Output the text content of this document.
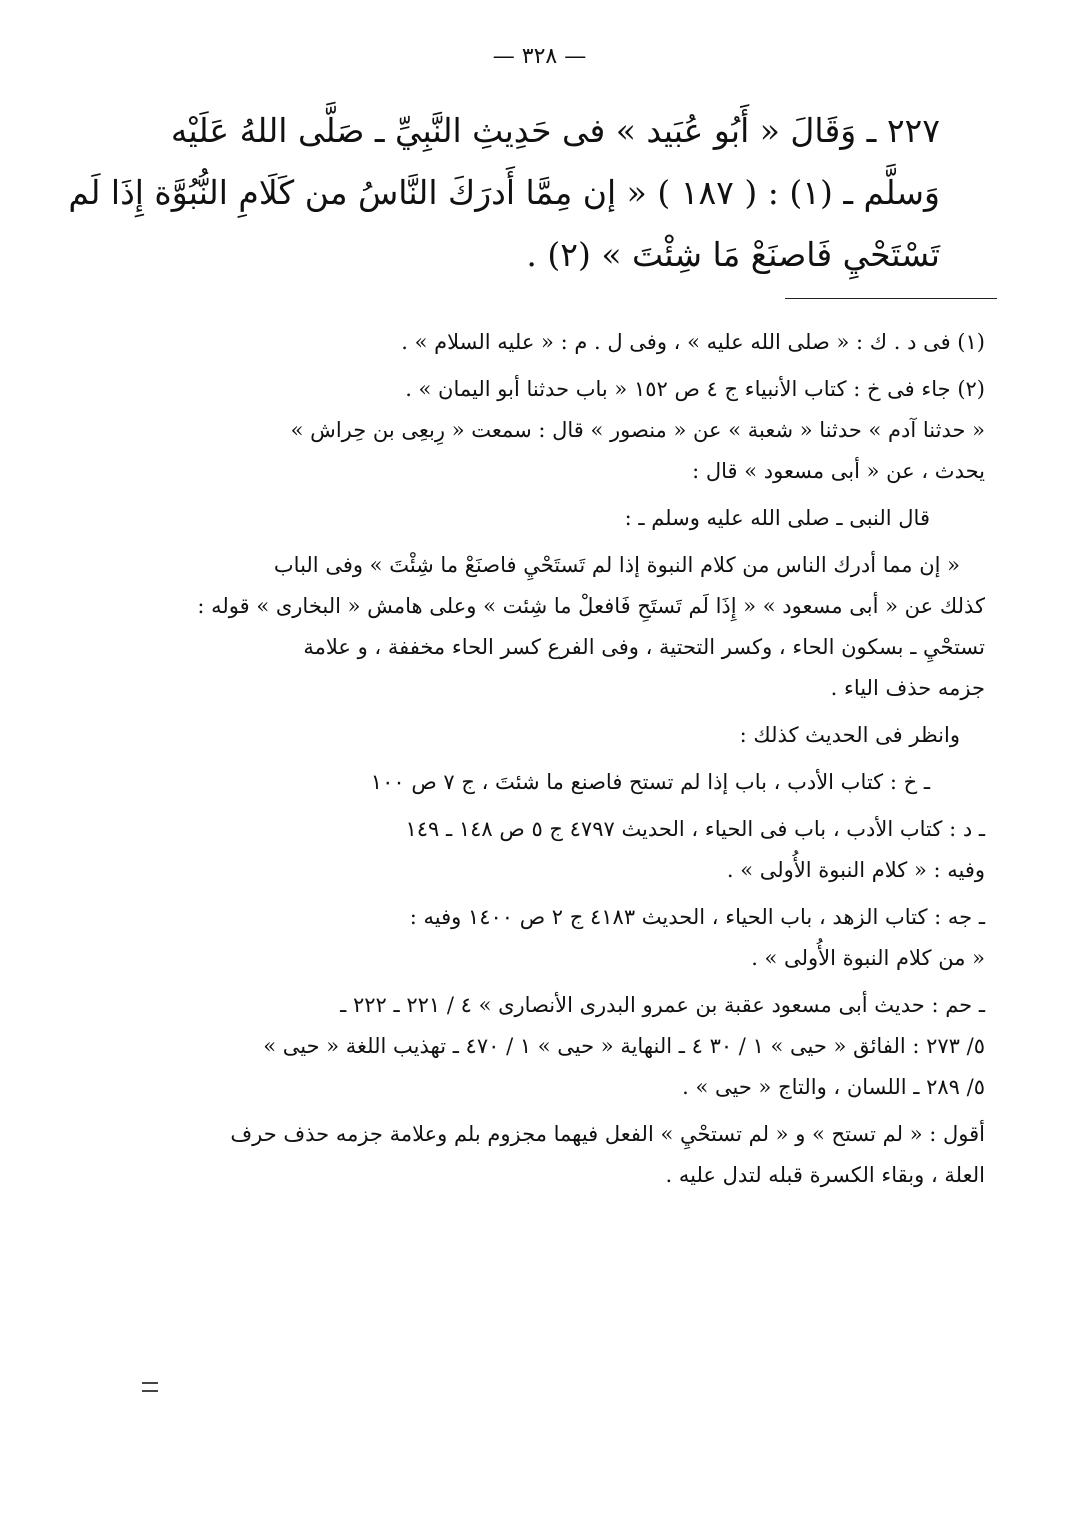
— ٣٢٨ —
٢٢٧ ـ وَقَالَ « أَبُو عُبَيد » فى حَدِيثِ النَّبِيِّ ـ صَلَّى اللهُ عَلَيْه
وَسلَّم ـ (١) : ( ١٨٧ ) « إن مِمَّا أَدرَكَ النَّاسُ من كَلَامِ النُّبُوَّة إِذَا لَم
تَسْتَحْيِ فَاصنَعْ مَا شِئْتَ » (٢) .
(١) فى د . ك : « صلى الله عليه » ، وفى ل . م : « عليه السلام » .
(٢) جاء فى خ : كتاب الأنبياء ج ٤ ص ١٥٢ « باب حدثنا أبو اليمان » .
« حدثنا آدم » حدثنا « شعبة » عن « منصور » قال : سمعت « رِبعِى بن حِراش »
يحدث ، عن « أبى مسعود » قال :
قال النبى ـ صلى الله عليه وسلم ـ :
« إن مما أدرك الناس من كلام النبوة إذا لم تَستَحْيِ فاصنَعْ ما شِئْتَ » وفى الباب
كذلك عن « أبى مسعود » « إِذَا لَم تَستَحِ فَافعلْ ما شِئت » وعلى هامش « البخارى » قوله :
تستحْيِ ـ بسكون الحاء ، وكسر التحتية ، وفى الفرع كسر الحاء مخففة ، و علامة
جزمه حذف الياء .
وانظر فى الحديث كذلك :
ـ خ : كتاب الأدب ، باب إذا لم تستح فاصنع ما شئتَ ، ج ٧ ص ١٠٠
ـ د : كتاب الأدب ، باب فى الحياء ، الحديث ٤٧٩٧ ج ٥ ص ١٤٨ ـ ١٤٩
وفيه : « كلام النبوة الأُولى » .
ـ جه : كتاب الزهد ، باب الحياء ، الحديث ٤١٨٣ ج ٢ ص ١٤٠٠ وفيه :
« من كلام النبوة الأُولى » .
ـ حم : حديث أبى مسعود عقبة بن عمرو البدرى الأنصارى » ٤ / ٢٢١ ـ ٢٢٢ ـ
٥/ ٢٧٣ : الفائق « حيى » ١ / ٣٠ ٤ ـ النهاية « حيى » ١ / ٤٧٠ ـ تهذيب اللغة « حيى »
٥/ ٢٨٩ ـ اللسان ، والتاج « حيى » .
أقول : « لم تستح » و « لم تستحْيِ » الفعل فيهما مجزوم بلم وعلامة جزمه حذف حرف
العلة ، وبقاء الكسرة قبله لتدل عليه .
